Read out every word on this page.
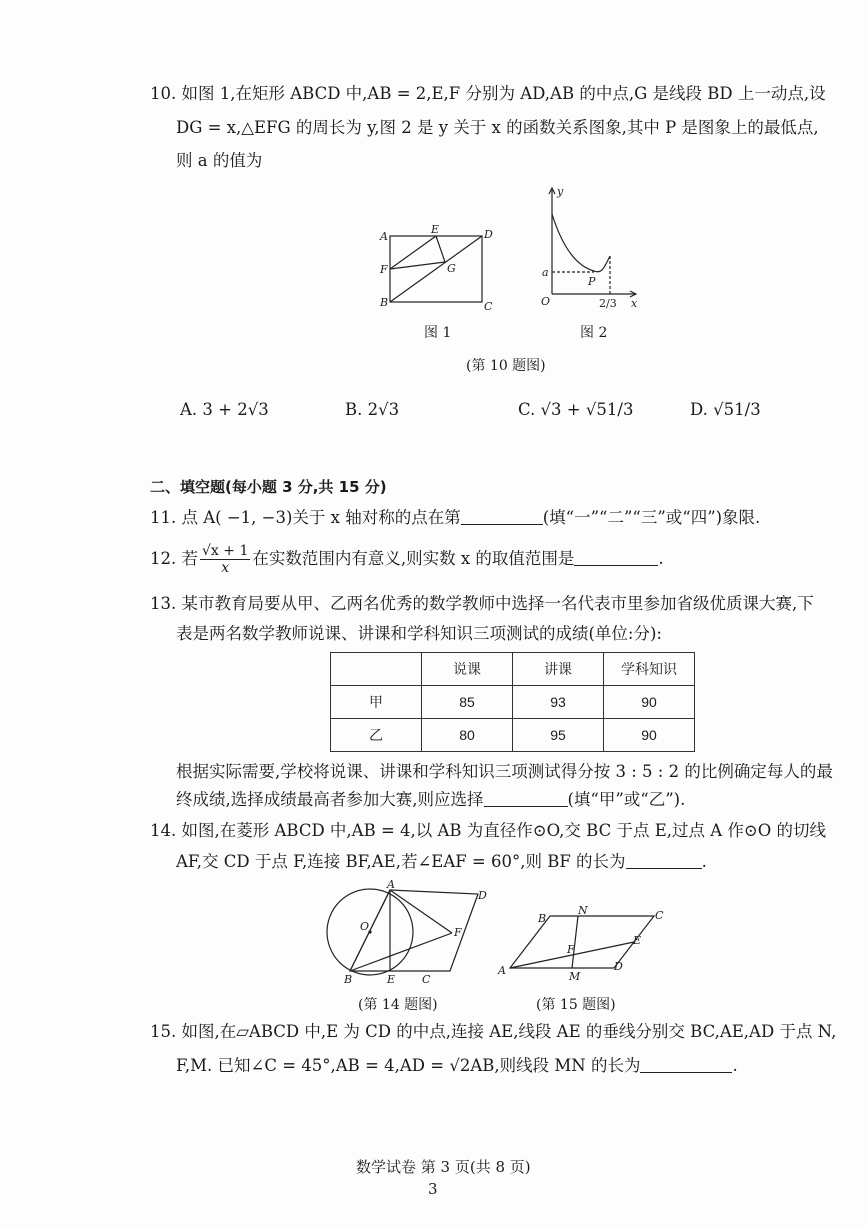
10. 如图 1,在矩形 ABCD 中,AB = 2,E,F 分别为 AD,AB 的中点,G 是线段 BD 上一动点,设
DG = x,△EFG 的周长为 y,图 2 是 y 关于 x 的函数关系图象,其中 P 是图象上的最低点,
则 a 的值为
A
B	C
D
E
F	G
y
x
O
a
P
2/3
图 1	图 2
(第 10 题图)
A. 3 + 2√3	B. 2√3	C. √3 + √51/3	D. √51/3
二、填空题(每小题 3 分,共 15 分)
11. 点 A( −1, −3)关于 x 轴对称的点在第	(填“一”“二”“三”或“四”)象限.
12. 若 $\frac{√x + 1}{x}$ 在实数范围内有意义,则实数 x 的取值范围是	.
13. 某市教育局要从甲、乙两名优秀的数学教师中选择一名代表市里参加省级优质课大赛,下
表是两名数学教师说课、讲课和学科知识三项测试的成绩(单位:分):
	说课	讲课	学科知识
甲	85	93	90
乙	80	95	90
根据实际需要,学校将说课、讲课和学科知识三项测试得分按 3 : 5 : 2 的比例确定每人的最
终成绩,选择成绩最高者参加大赛,则应选择	(填“甲”或“乙”).
14. 如图,在菱形 ABCD 中,AB = 4,以 AB 为直径作⊙O,交 BC 于点 E,过点 A 作⊙O 的切线
AF,交 CD 于点 F,连接 BF,AE,若∠EAF = 60°,则 BF 的长为	.
A
B	C
D
E
F
O
A
B	C
D
E
F
M
N
(第 14 题图)	(第 15 题图)
15. 如图,在▱ABCD 中,E 为 CD 的中点,连接 AE,线段 AE 的垂线分别交 BC,AE,AD 于点 N,
F,M. 已知∠C = 45°,AB = 4,AD = √2AB,则线段 MN 的长为	.
数学试卷 第 3 页(共 8 页)
3
